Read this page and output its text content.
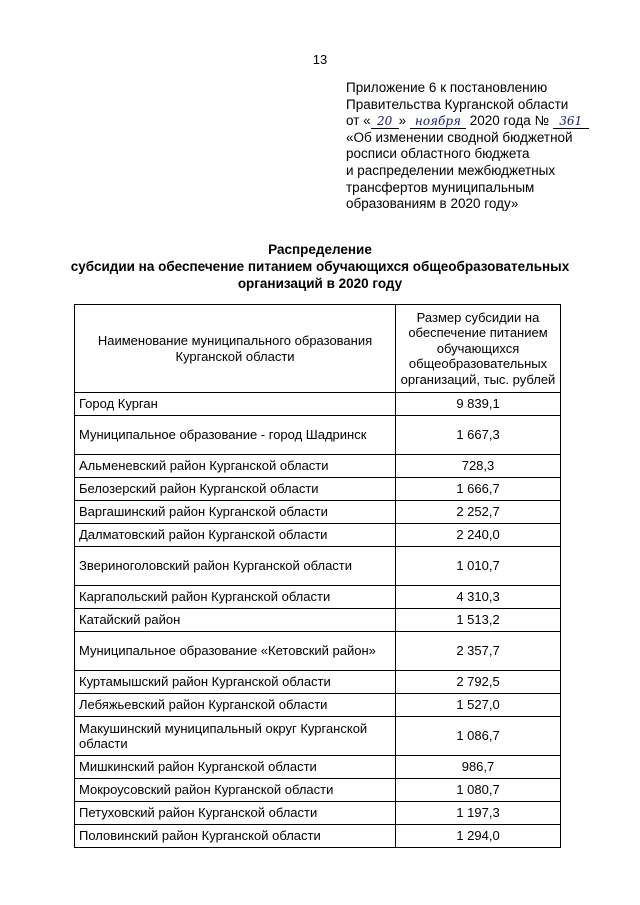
13
Приложение 6 к постановлению
Правительства Курганской области
от « 20 » ноября 2020 года № 361
«Об изменении сводной бюджетной
росписи областного бюджета
и распределении межбюджетных
трансфертов муниципальным
образованиям в 2020 году»
Распределение
субсидии на обеспечение питанием обучающихся общеобразовательных
организаций в 2020 году
Наименование муниципального образования Курганской области	Размер субсидии на обеспечение питанием обучающихся общеобразовательных организаций, тыс. рублей
Город Курган	9 839,1
Муниципальное образование - город Шадринск	1 667,3
Альменевский район Курганской области	728,3
Белозерский район Курганской области	1 666,7
Варгашинский район Курганской области	2 252,7
Далматовский район Курганской области	2 240,0
Звериноголовский район Курганской области	1 010,7
Каргапольский район Курганской области	4 310,3
Катайский район	1 513,2
Муниципальное образование «Кетовский район»	2 357,7
Куртамышский район Курганской области	2 792,5
Лебяжьевский район Курганской области	1 527,0
Макушинский муниципальный округ Курганской области	1 086,7
Мишкинский район Курганской области	986,7
Мокроусовский район Курганской области	1 080,7
Петуховский район Курганской области	1 197,3
Половинский район Курганской области	1 294,0
